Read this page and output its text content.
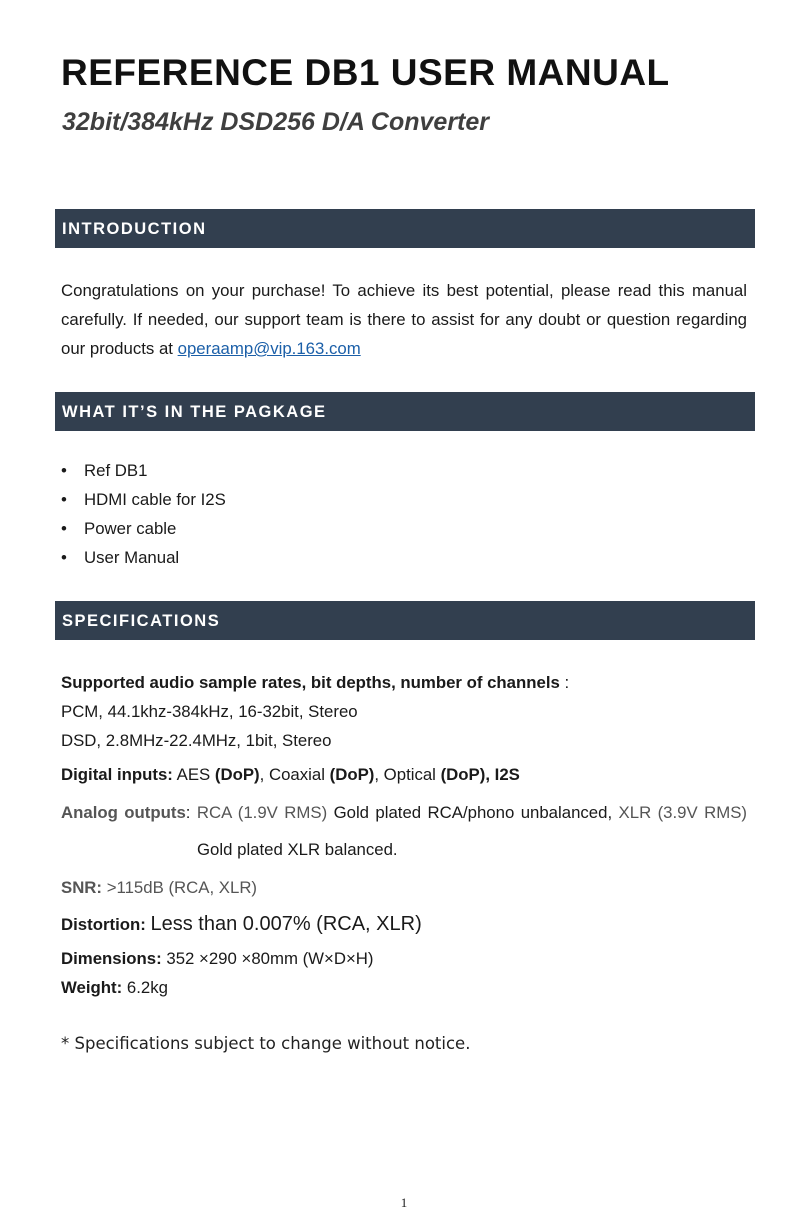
REFERENCE DB1 USER MANUAL
32bit/384kHz DSD256 D/A Converter
INTRODUCTION

Congratulations on your purchase! To achieve its best potential, please read this manual carefully. If needed, our support team is there to assist for any doubt or question regarding our products at operaamp@vip.163.com

WHAT IT’S IN THE PAGKAGE
• Ref DB1
• HDMI cable for I2S
• Power cable
• User Manual
SPECIFICATIONS

Supported audio sample rates, bit depths, number of channels :

PCM, 44.1khz-384kHz, 16-32bit, Stereo

DSD, 2.8MHz-22.4MHz, 1bit, Stereo

Digital inputs: AES (DoP), Coaxial (DoP), Optical (DoP), I2S

Analog outputs: RCA (1.9V RMS) Gold plated RCA/phono unbalanced, XLR (3.9V RMS)

Gold plated XLR balanced.

SNR: >115dB (RCA, XLR)

Distortion: Less than 0.007% (RCA, XLR)

Dimensions: 352 ×290 ×80mm (W×D×H)

Weight: 6.2kg

* Specifications subject to change without notice.

1
